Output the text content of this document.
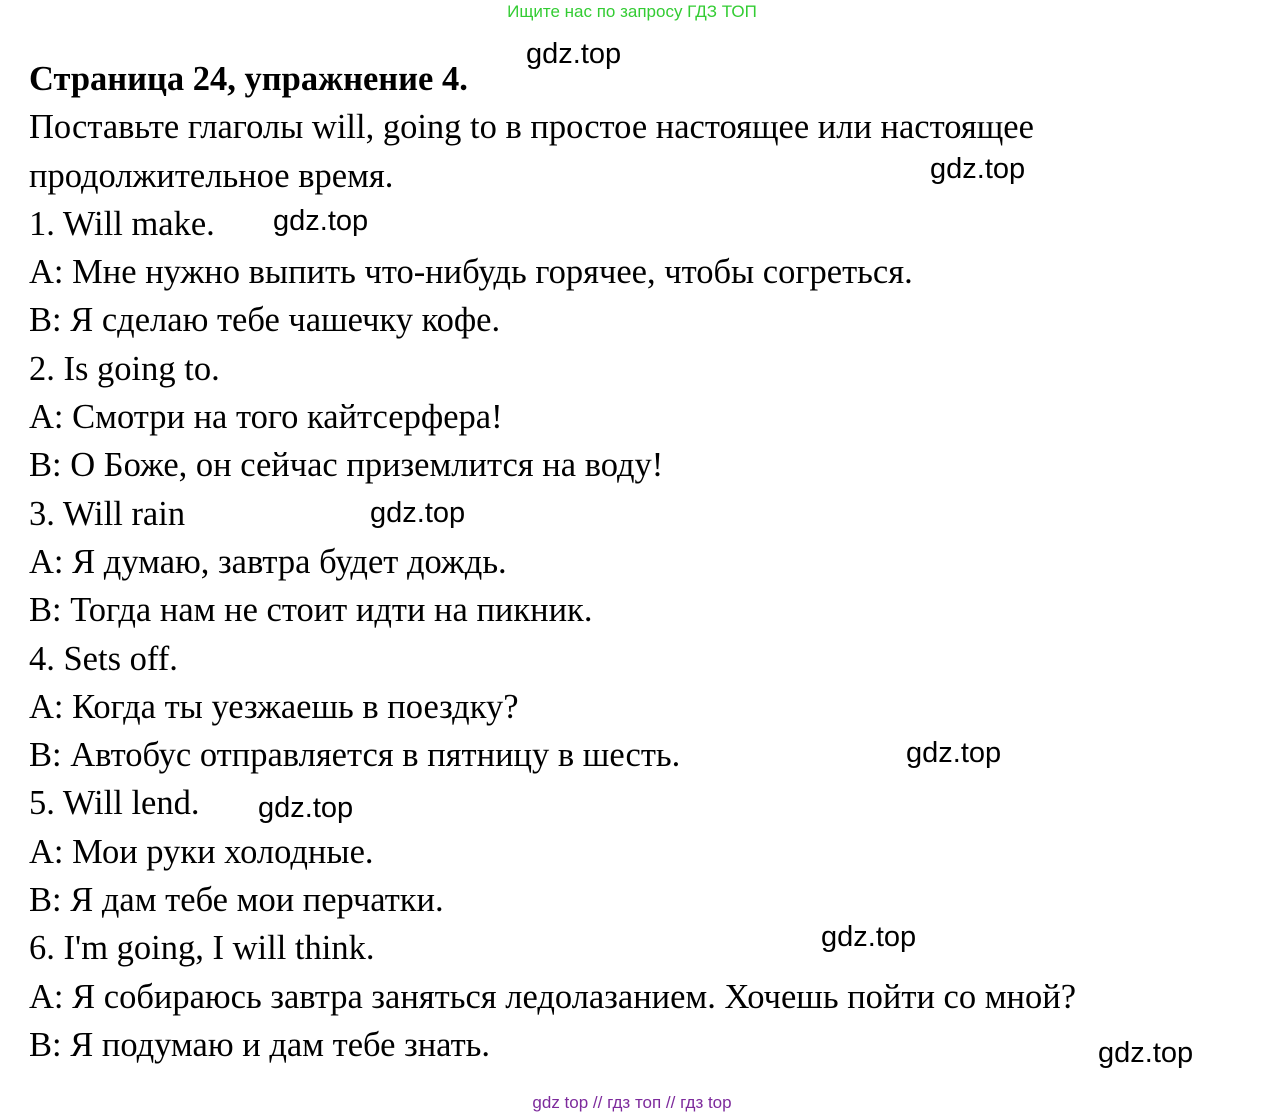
Ищите нас по запросу ГДЗ ТОП
Страница 24, упражнение 4.
Поставьте глаголы will, going to в простое настоящее или настоящее
продолжительное время.
1. Will make.
A: Мне нужно выпить что-нибудь горячее, чтобы согреться.
B: Я сделаю тебе чашечку кофе.
2. Is going to.
A: Смотри на того кайтсерфера!
B: О Боже, он сейчас приземлится на воду!
3. Will rain
A: Я думаю, завтра будет дождь.
B: Тогда нам не стоит идти на пикник.
4. Sets off.
A: Когда ты уезжаешь в поездку?
B: Автобус отправляется в пятницу в шесть.
5. Will lend.
A: Мои руки холодные.
B: Я дам тебе мои перчатки.
6. I'm going, I will think.
A: Я собираюсь завтра заняться ледолазанием. Хочешь пойти со мной?
B: Я подумаю и дам тебе знать.
gdz.top
gdz.top
gdz.top
gdz.top
gdz.top
gdz.top
gdz.top
gdz.top
gdz top // гдз топ // гдз top
